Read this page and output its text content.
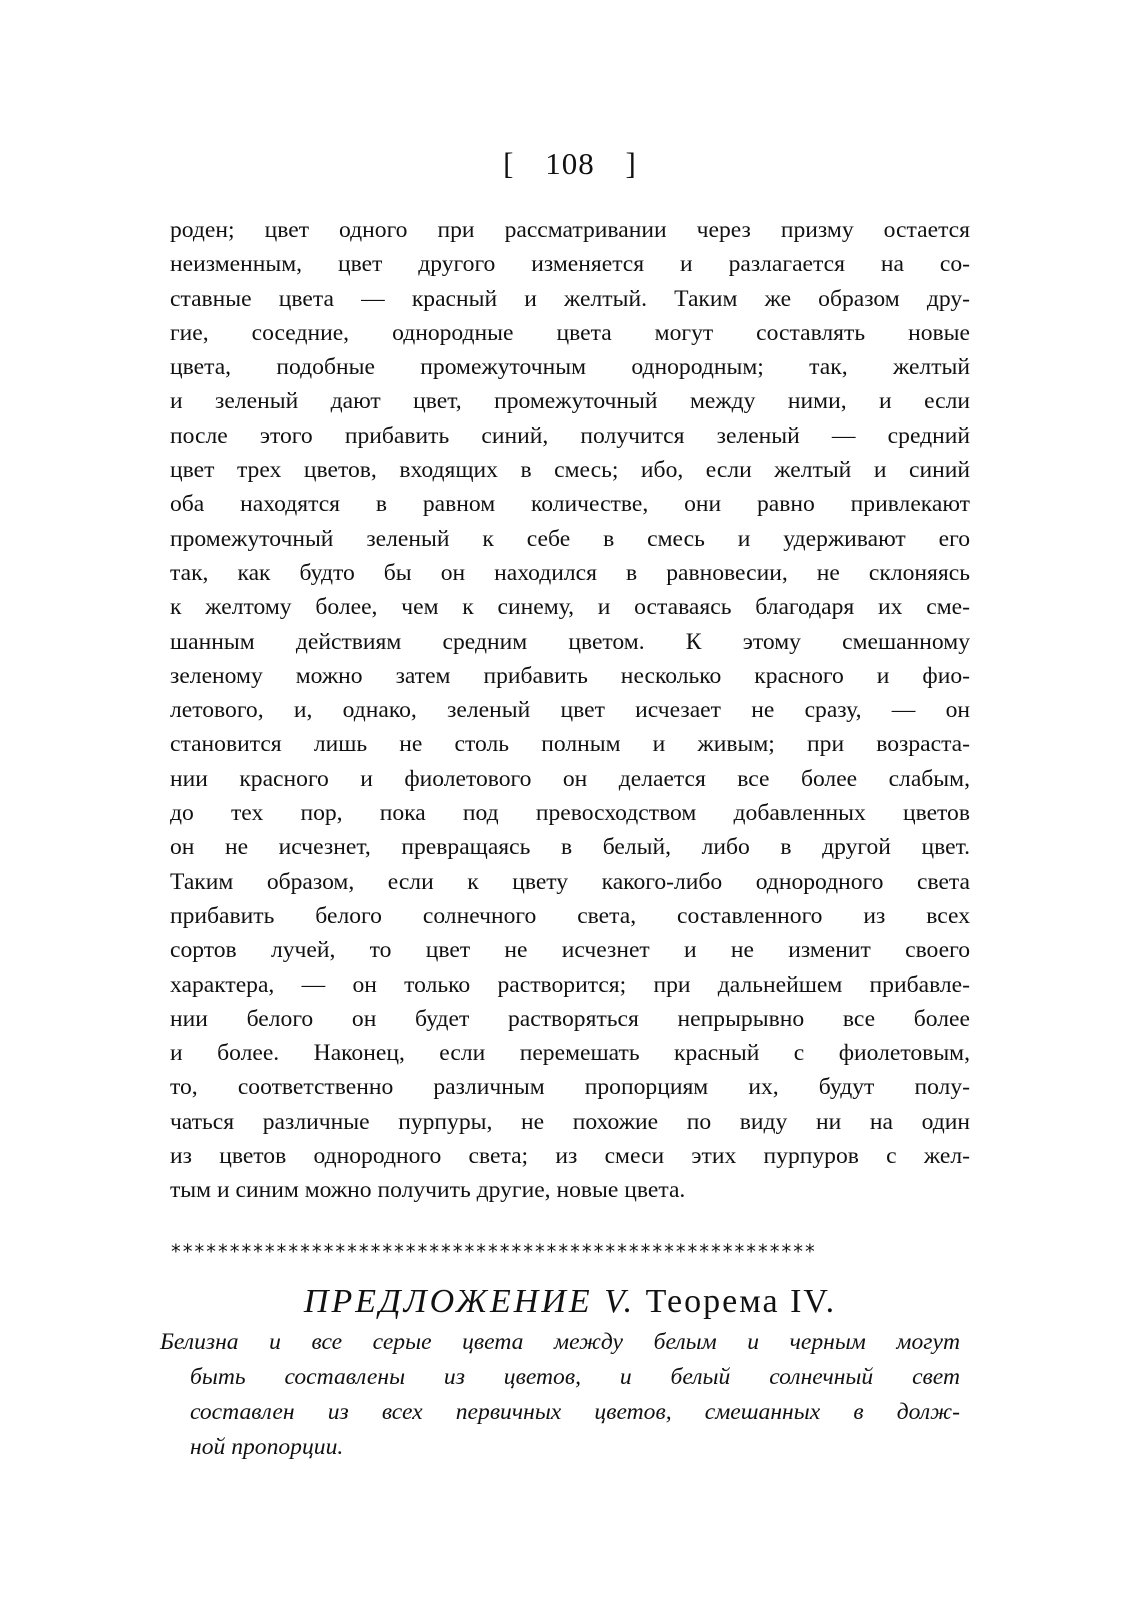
[ 108 ]
роден; цвет одного при рассматривании через призму остается
неизменным, цвет другого изменяется и разлагается на со-
ставные цвета — красный и желтый. Таким же образом дру-
гие, соседние, однородные цвета могут составлять новые
цвета, подобные промежуточным однородным; так, желтый
и зеленый дают цвет, промежуточный между ними, и если
после этого прибавить синий, получится зеленый — средний
цвет трех цветов, входящих в смесь; ибо, если желтый и синий
оба находятся в равном количестве, они равно привлекают
промежуточный зеленый к себе в смесь и удерживают его
так, как будто бы он находился в равновесии, не склоняясь
к желтому более, чем к синему, и оставаясь благодаря их сме-
шанным действиям средним цветом. К этому смешанному
зеленому можно затем прибавить несколько красного и фио-
летового, и, однако, зеленый цвет исчезает не сразу, — он
становится лишь не столь полным и живым; при возраста-
нии красного и фиолетового он делается все более слабым,
до тех пор, пока под превосходством добавленных цветов
он не исчезнет, превращаясь в белый, либо в другой цвет.
Таким образом, если к цвету какого-либо однородного света
прибавить белого солнечного света, составленного из всех
сортов лучей, то цвет не исчезнет и не изменит своего
характера, — он только растворится; при дальнейшем прибавле-
нии белого он будет растворяться непрырывно все более
и более. Наконец, если перемешать красный с фиолетовым,
то, соответственно различным пропорциям их, будут полу-
чаться различные пурпуры, не похожие по виду ни на один
из цветов однородного света; из смеси этих пурпуров с жел-
тым и синим можно получить другие, новые цвета.
*******************************************************
ПРЕДЛОЖЕНИЕ V. Теорема IV.
Белизна и все серые цвета между белым и черным могут
быть составлены из цветов, и белый солнечный свет
составлен из всех первичных цветов, смешанных в долж-
ной пропорции.
